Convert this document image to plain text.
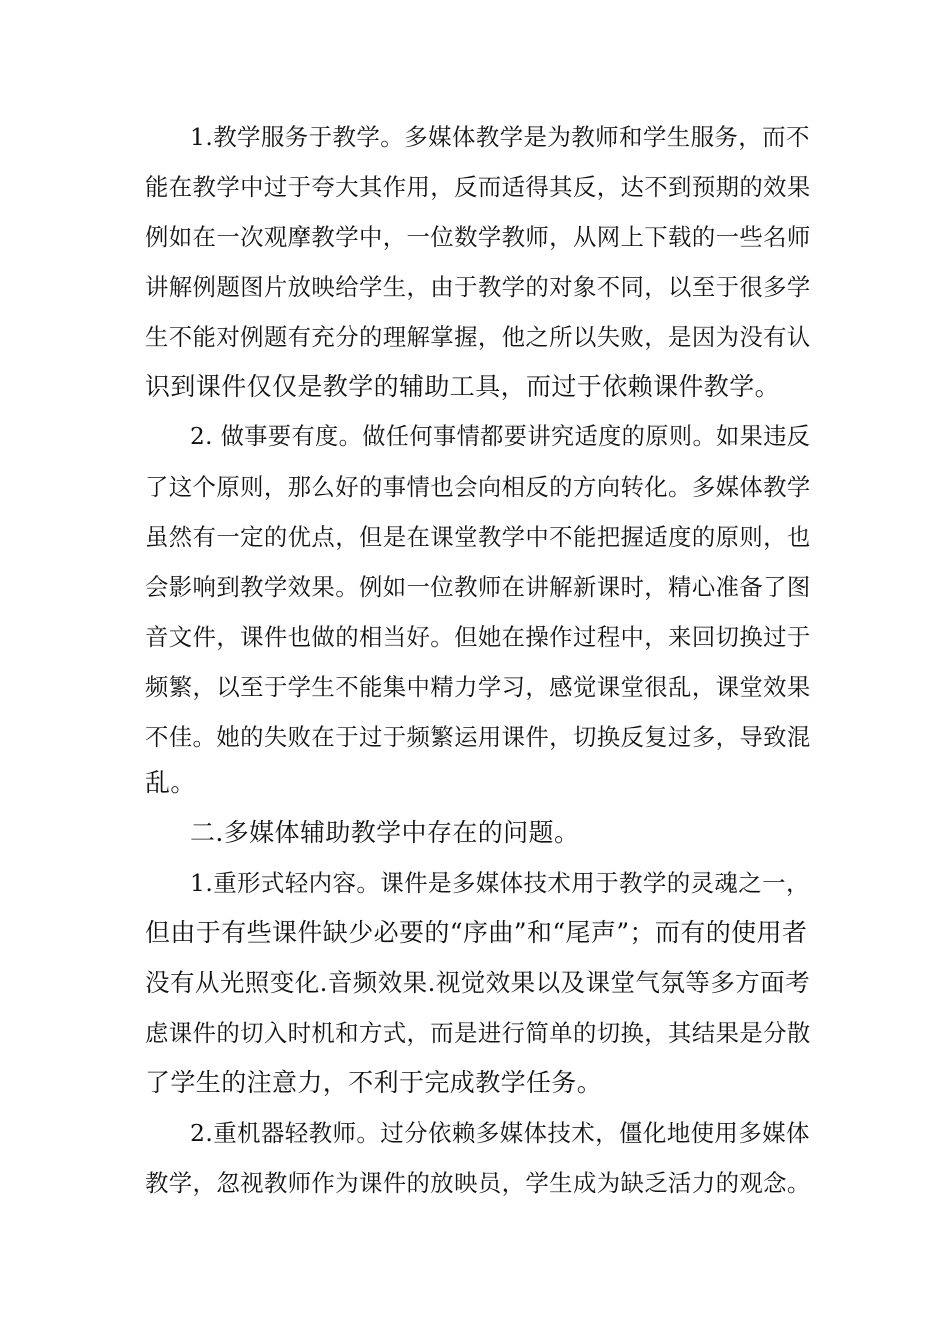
1.教学服务于教学。多媒体教学是为教师和学生服务，而不
能在教学中过于夸大其作用，反而适得其反，达不到预期的效果
例如在一次观摩教学中，一位数学教师，从网上下载的一些名师
讲解例题图片放映给学生，由于教学的对象不同，以至于很多学
生不能对例题有充分的理解掌握，他之所以失败，是因为没有认
识到课件仅仅是教学的辅助工具，而过于依赖课件教学。
2. 做事要有度。做任何事情都要讲究适度的原则。如果违反
了这个原则，那么好的事情也会向相反的方向转化。多媒体教学
虽然有一定的优点，但是在课堂教学中不能把握适度的原则，也
会影响到教学效果。例如一位教师在讲解新课时，精心准备了图
音文件，课件也做的相当好。但她在操作过程中，来回切换过于
频繁，以至于学生不能集中精力学习，感觉课堂很乱，课堂效果
不佳。她的失败在于过于频繁运用课件，切换反复过多，导致混
乱。
二.多媒体辅助教学中存在的问题。
1.重形式轻内容。课件是多媒体技术用于教学的灵魂之一，
但由于有些课件缺少必要的“序曲”和“尾声”；而有的使用者
没有从光照变化.音频效果.视觉效果以及课堂气氛等多方面考
虑课件的切入时机和方式，而是进行简单的切换，其结果是分散
了学生的注意力，不利于完成教学任务。
2.重机器轻教师。过分依赖多媒体技术，僵化地使用多媒体
教学，忽视教师作为课件的放映员，学生成为缺乏活力的观念。
